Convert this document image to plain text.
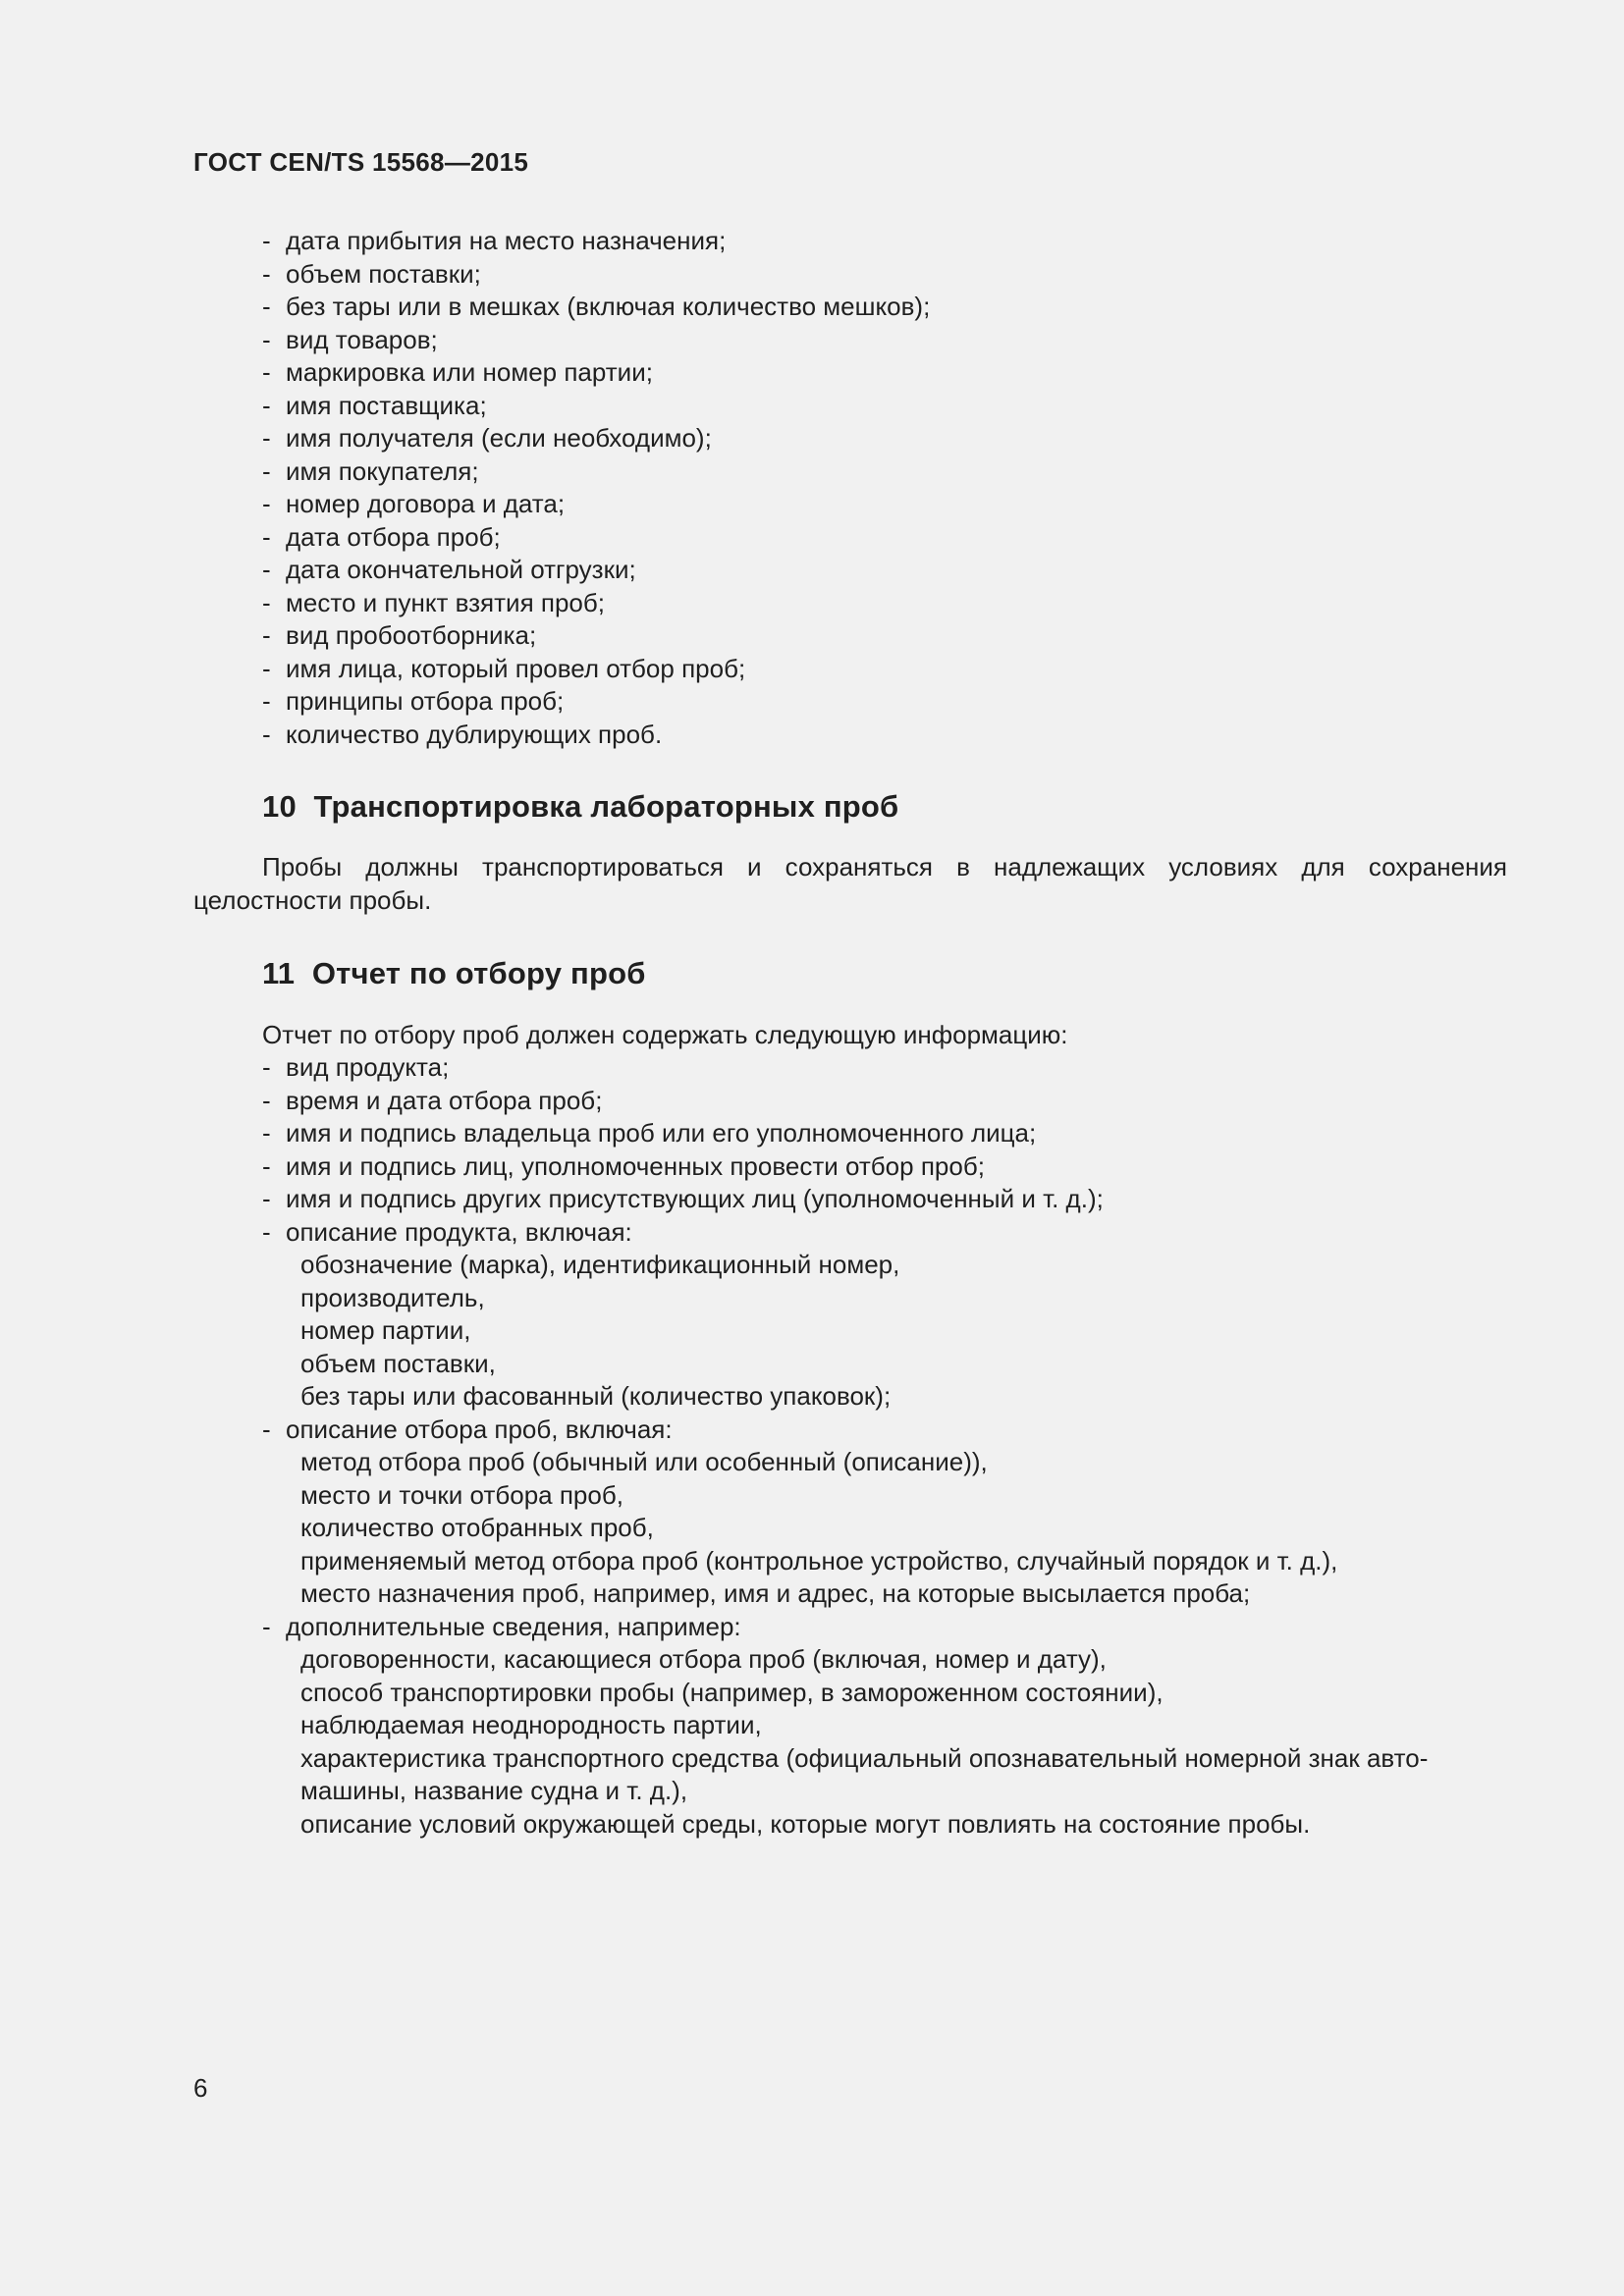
ГОСТ CEN/TS 15568—2015
- дата прибытия на место назначения;
- объем поставки;
- без тары или в мешках (включая количество мешков);
- вид товаров;
- маркировка или номер партии;
- имя поставщика;
- имя получателя (если необходимо);
- имя покупателя;
- номер договора и дата;
- дата отбора проб;
- дата окончательной отгрузки;
- место и пункт взятия проб;
- вид пробоотборника;
- имя лица, который провел отбор проб;
- принципы отбора проб;
- количество дублирующих проб.
10 Транспортировка лабораторных проб

Пробы должны транспортироваться и сохраняться в надлежащих условиях для сохранения целостности пробы.

11 Отчет по отбору проб
Отчет по отбору проб должен содержать следующую информацию:
- вид продукта;
- время и дата отбора проб;
- имя и подпись владельца проб или его уполномоченного лица;
- имя и подпись лиц, уполномоченных провести отбор проб;
- имя и подпись других присутствующих лиц (уполномоченный и т. д.);
- описание продукта, включая:
обозначение (марка), идентификационный номер,
производитель,
номер партии,
объем поставки,
без тары или фасованный (количество упаковок);
- описание отбора проб, включая:
метод отбора проб (обычный или особенный (описание)),
место и точки отбора проб,
количество отобранных проб,
применяемый метод отбора проб (контрольное устройство, случайный порядок и т. д.),
место назначения проб, например, имя и адрес, на которые высылается проба;
- дополнительные сведения, например:
договоренности, касающиеся отбора проб (включая, номер и дату),
способ транспортировки пробы (например, в замороженном состоянии),
наблюдаемая неоднородность партии,
характеристика транспортного средства (официальный опознавательный номерной знак авто-
машины, название судна и т. д.),
описание условий окружающей среды, которые могут повлиять на состояние пробы.
6
